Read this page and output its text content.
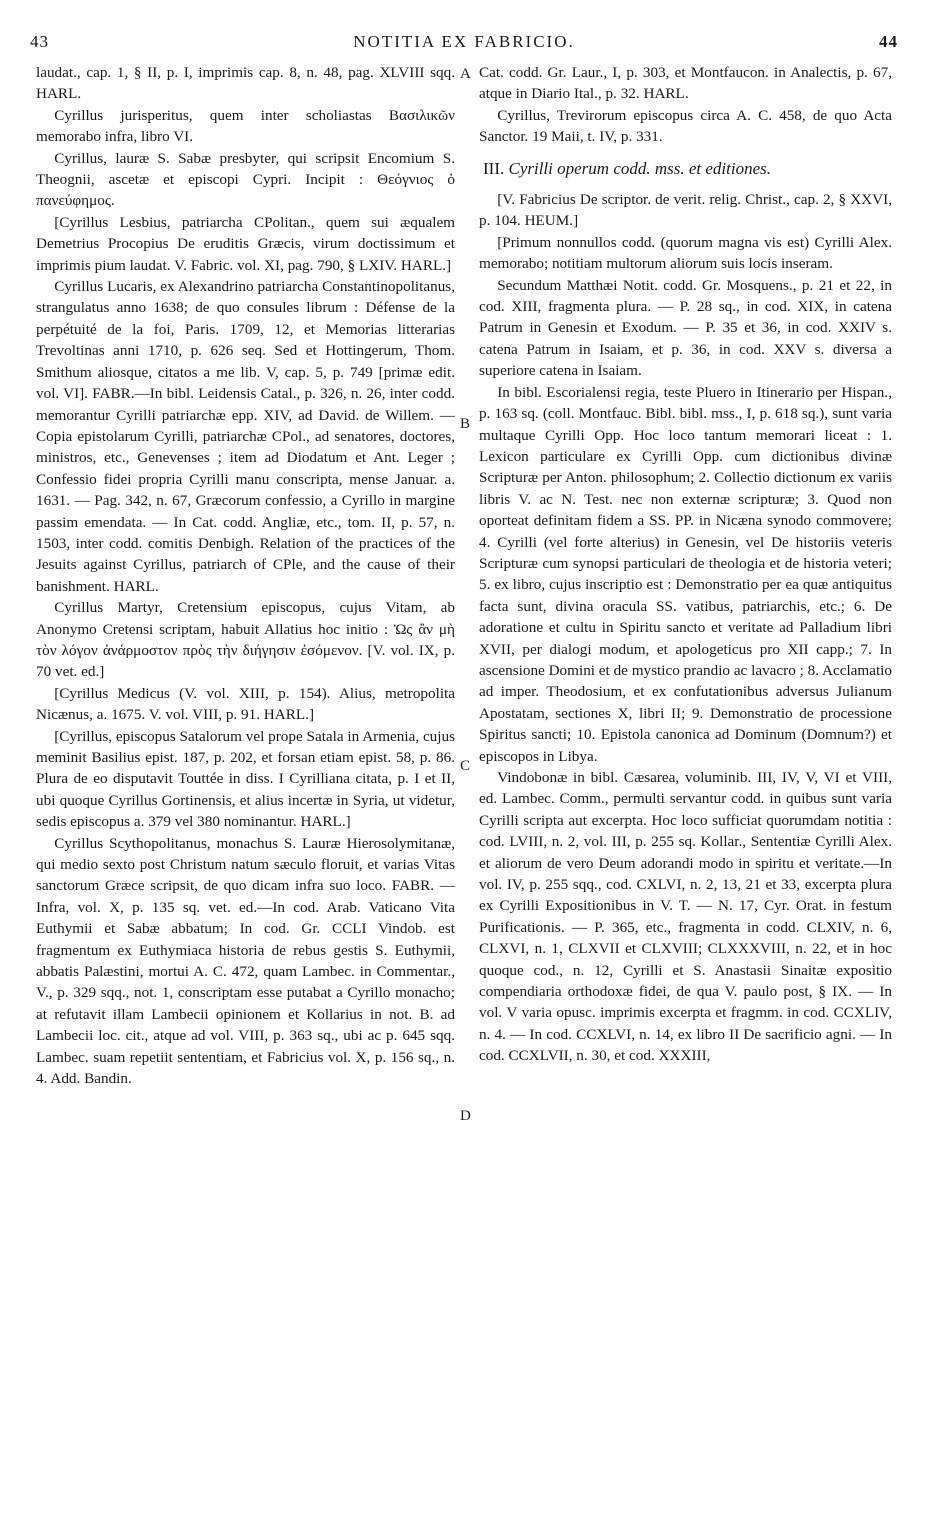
43	NOTITIA EX FABRICIO.	44

laudat., cap. 1, § II, p. I, imprimis cap. 8, n. 48, pag. XLVIII sqq. HARL.

Cyrillus jurisperitus, quem inter scholiastas Βασιλικῶν memorabo infra, libro VI.

Cyrillus, lauræ S. Sabæ presbyter, qui scripsit Encomium S. Theognii, ascetæ et episcopi Cypri. Incipit : Θεόγνιος ὁ πανεύφημος.

[Cyrillus Lesbius, patriarcha CPolitan., quem sui æqualem Demetrius Procopius De eruditis Græcis, virum doctissimum et imprimis pium laudat. V. Fabric. vol. XI, pag. 790, § LXIV. HARL.]

Cyrillus Lucaris, ex Alexandrino patriarcha Constantinopolitanus, strangulatus anno 1638; de quo consules librum : Défense de la perpétuité de la foi, Paris. 1709, 12, et Memorias litterarias Trevoltinas anni 1710, p. 626 seq. Sed et Hottingerum, Thom. Smithum aliosque, citatos a me lib. V, cap. 5, p. 749 [primæ edit. vol. VI]. FABR.—In bibl. Leidensis Catal., p. 326, n. 26, inter codd. memorantur Cyrilli patriarchæ epp. XIV, ad David. de Willem. — Copia epistolarum Cyrilli, patriarchæ CPol., ad senatores, doctores, ministros, etc., Genevenses ; item ad Diodatum et Ant. Leger ; Confessio fidei propria Cyrilli manu conscripta, mense Januar. a. 1631. — Pag. 342, n. 67, Græcorum confessio, a Cyrillo in margine passim emendata. — In Cat. codd. Angliæ, etc., tom. II, p. 57, n. 1503, inter codd. comitis Denbigh. Relation of the practices of the Jesuits against Cyrillus, patriarch of CPle, and the cause of their banishment. HARL.

Cyrillus Martyr, Cretensium episcopus, cujus Vitam, ab Anonymo Cretensi scriptam, habuit Allatius hoc initio : Ὡς ἂν μὴ τὸν λόγον ἀνάρμοστον πρὸς τὴν διήγησιν ἐσόμενον. [V. vol. IX, p. 70 vet. ed.]

[Cyrillus Medicus (V. vol. XIII, p. 154). Alius, metropolita Nicænus, a. 1675. V. vol. VIII, p. 91. HARL.]

[Cyrillus, episcopus Satalorum vel prope Satala in Armenia, cujus meminit Basilius epist. 187, p. 202, et forsan etiam epist. 58, p. 86. Plura de eo disputavit Touttée in diss. I Cyrilliana citata, p. I et II, ubi quoque Cyrillus Gortinensis, et alius incertæ in Syria, ut videtur, sedis episcopus a. 379 vel 380 nominantur. HARL.]

Cyrillus Scythopolitanus, monachus S. Lauræ Hierosolymitanæ, qui medio sexto post Christum natum sæculo floruit, et varias Vitas sanctorum Græce scripsit, de quo dicam infra suo loco. FABR. —Infra, vol. X, p. 135 sq. vet. ed.—In cod. Arab. Vaticano Vita Euthymii et Sabæ abbatum; In cod. Gr. CCLI Vindob. est fragmentum ex Euthymiaca historia de rebus gestis S. Euthymii, abbatis Palæstini, mortui A. C. 472, quam Lambec. in Commentar., V., p. 329 sqq., not. 1, conscriptam esse putabat a Cyrillo monacho; at refutavit illam Lambecii opinionem et Kollarius in not. B. ad Lambecii loc. cit., atque ad vol. VIII, p. 363 sq., ubi ac p. 645 sqq. Lambec. suam repetiit sententiam, et Fabricius vol. X, p. 156 sq., n. 4. Add. Bandin.

Cat. codd. Gr. Laur., I, p. 303, et Montfaucon. in Analectis, p. 67, atque in Diario Ital., p. 32. HARL.

Cyrillus, Trevirorum episcopus circa A. C. 458, de quo Acta Sanctor. 19 Maii, t. IV, p. 331.

III. Cyrilli operum codd. mss. et editiones.

[V. Fabricius De scriptor. de verit. relig. Christ., cap. 2, § XXVI, p. 104. HEUM.]

[Primum nonnullos codd. (quorum magna vis est) Cyrilli Alex. memorabo; notitiam multorum aliorum suis locis inseram.

Secundum Matthæi Notit. codd. Gr. Mosquens., p. 21 et 22, in cod. XIII, fragmenta plura. — P. 28 sq., in cod. XIX, in catena Patrum in Genesin et Exodum. — P. 35 et 36, in cod. XXIV s. catena Patrum in Isaiam, et p. 36, in cod. XXV s. diversa a superiore catena in Isaiam.

In bibl. Escorialensi regia, teste Pluero in Itinerario per Hispan., p. 163 sq. (coll. Montfauc. Bibl. bibl. mss., I, p. 618 sq.), sunt varia multaque Cyrilli Opp. Hoc loco tantum memorari liceat : 1. Lexicon particulare ex Cyrilli Opp. cum dictionibus divinæ Scripturæ per Anton. philosophum; 2. Collectio dictionum ex variis libris V. ac N. Test. nec non externæ scripturæ; 3. Quod non oporteat definitam fidem a SS. PP. in Nicæna synodo commovere; 4. Cyrilli (vel forte alterius) in Genesin, vel De historiis veteris Scripturæ cum synopsi particulari de theologia et de historia veteri; 5. ex libro, cujus inscriptio est : Demonstratio per ea quæ antiquitus facta sunt, divina oracula SS. vatibus, patriarchis, etc.; 6. De adoratione et cultu in Spiritu sancto et veritate ad Palladium libri XVII, per dialogi modum, et apologeticus pro XII capp.; 7. In ascensione Domini et de mystico prandio ac lavacro ; 8. Acclamatio ad imper. Theodosium, et ex confutationibus adversus Julianum Apostatam, sectiones X, libri II; 9. Demonstratio de processione Spiritus sancti; 10. Epistola canonica ad Dominum (Domnum?) et episcopos in Libya.

Vindobonæ in bibl. Cæsarea, voluminib. III, IV, V, VI et VIII, ed. Lambec. Comm., permulti servantur codd. in quibus sunt varia Cyrilli scripta aut excerpta. Hoc loco sufficiat quorumdam notitia : cod. LVIII, n. 2, vol. III, p. 255 sq. Kollar., Sententiæ Cyrilli Alex. et aliorum de vero Deum adorandi modo in spiritu et veritate.—In vol. IV, p. 255 sqq., cod. CXLVI, n. 2, 13, 21 et 33, excerpta plura ex Cyrilli Expositionibus in V. T. — N. 17, Cyr. Orat. in festum Purificationis. — P. 365, etc., fragmenta in codd. CLXIV, n. 6, CLXVI, n. 1, CLXVII et CLXVIII; CLXXXVIII, n. 22, et in hoc quoque cod., n. 12, Cyrilli et S. Anastasii Sinaitæ expositio compendiaria orthodoxæ fidei, de qua V. paulo post, § IX. — In vol. V varia opusc. imprimis excerpta et fragmm. in cod. CCXLIV, n. 4. — In cod. CCXLVI, n. 14, ex libro II De sacrificio agni. — In cod. CCXLVII, n. 30, et cod. XXXIII,

A
B
C
D
